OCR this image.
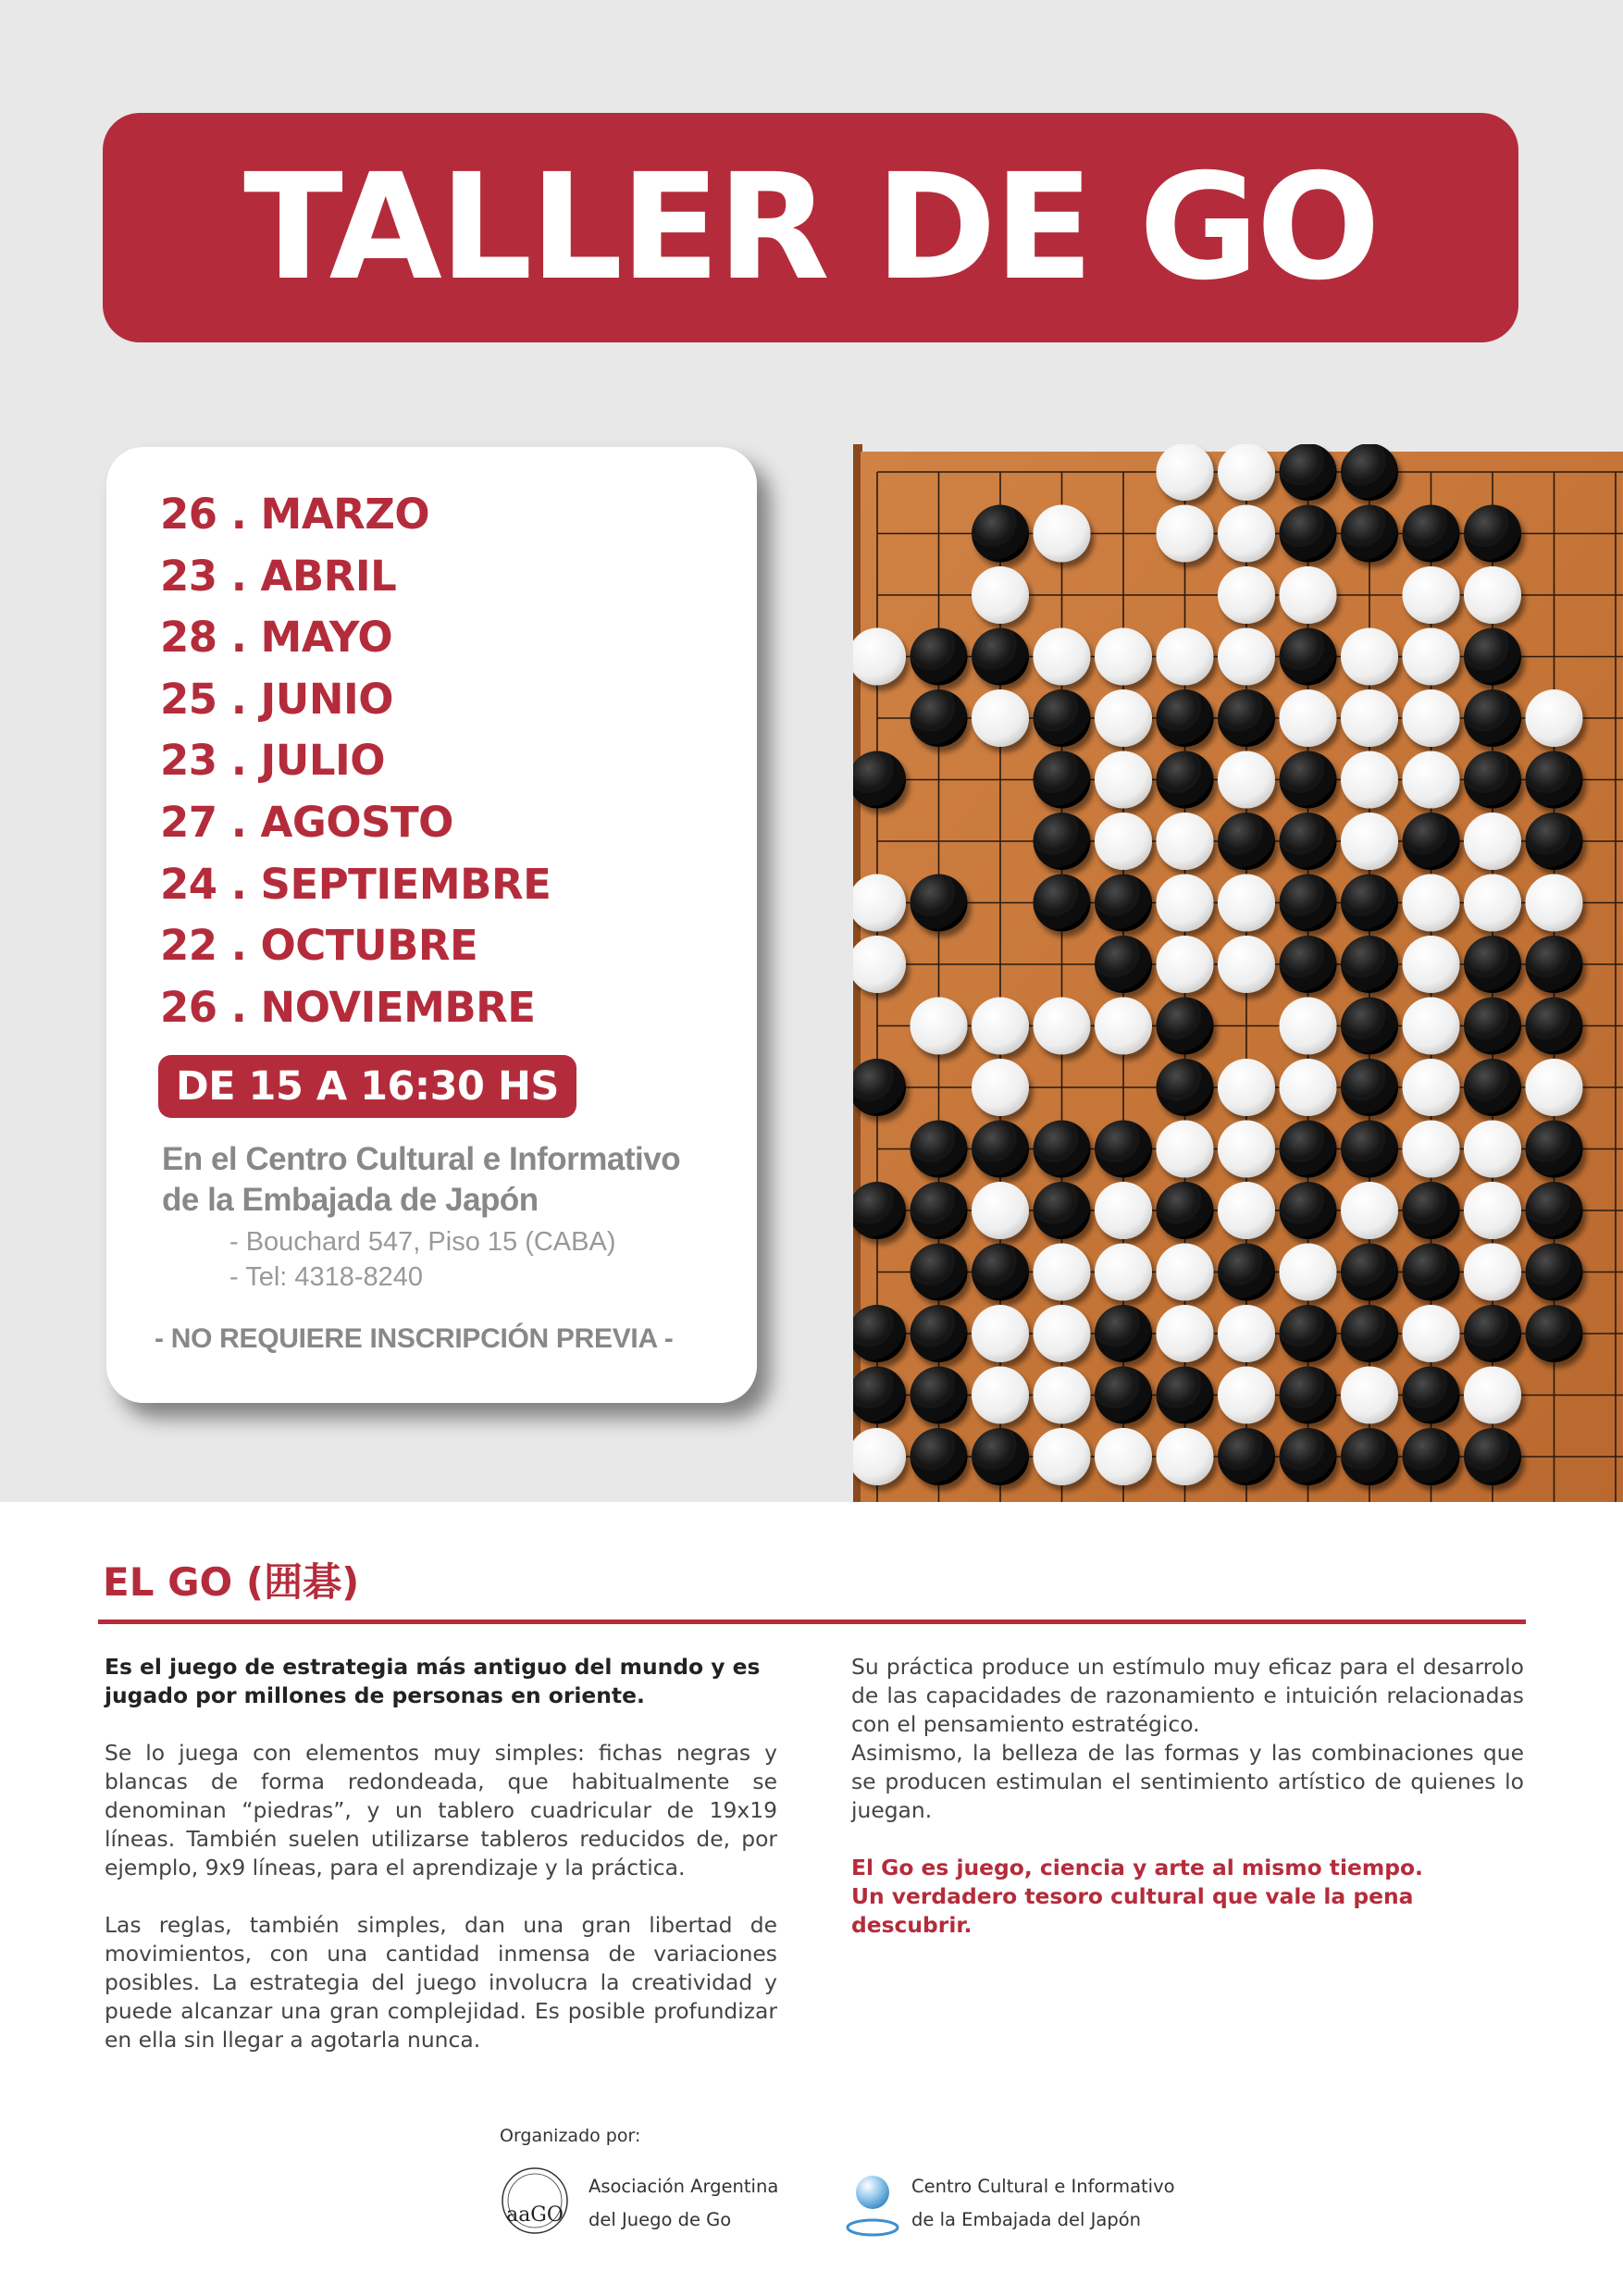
TALLER DE GO
26 . MARZO
23 . ABRIL
28 . MAYO
25 . JUNIO
23 . JULIO
27 . AGOSTO
24 . SEPTIEMBRE
22 . OCTUBRE
26 . NOVIEMBRE
DE 15 A 16:30 HS
En el Centro Cultural e Informativo
de la Embajada de Japón
- Bouchard 547, Piso 15 (CABA)
- Tel: 4318-8240
- NO REQUIERE INSCRIPCIÓN PREVIA -
EL GO (囲碁)

Es el juego de estrategia más antiguo del mundo y es jugado por millones de personas en oriente.

Se lo juega con elementos muy simples: fichas negras y blancas de forma redondeada, que habitualmente se denominan “piedras”, y un tablero cuadricular de 19x19 líneas. También suelen utilizarse tableros reducidos de, por ejemplo, 9x9 líneas, para el aprendizaje y la práctica.

Las reglas, también simples, dan una gran libertad de movimientos, con una cantidad inmensa de variaciones posibles. La estrategia del juego involucra la creatividad y puede alcanzar una gran complejidad. Es posible profundizar en ella sin llegar a agotarla nunca.

Su práctica produce un estímulo muy eficaz para el desarrolo de las capacidades de razonamiento e intuición relacionadas con el pensamiento estratégico.

Asimismo, la belleza de las formas y las combinaciones que se producen estimulan el sentimiento artístico de quienes lo juegan.

El Go es juego, ciencia y arte al mismo tiempo.
Un verdadero tesoro cultural que vale la pena descubrir.
Organizado por:
aaGO
Asociación Argentina
del Juego de Go
Centro Cultural e Informativo
de la Embajada del Japón
